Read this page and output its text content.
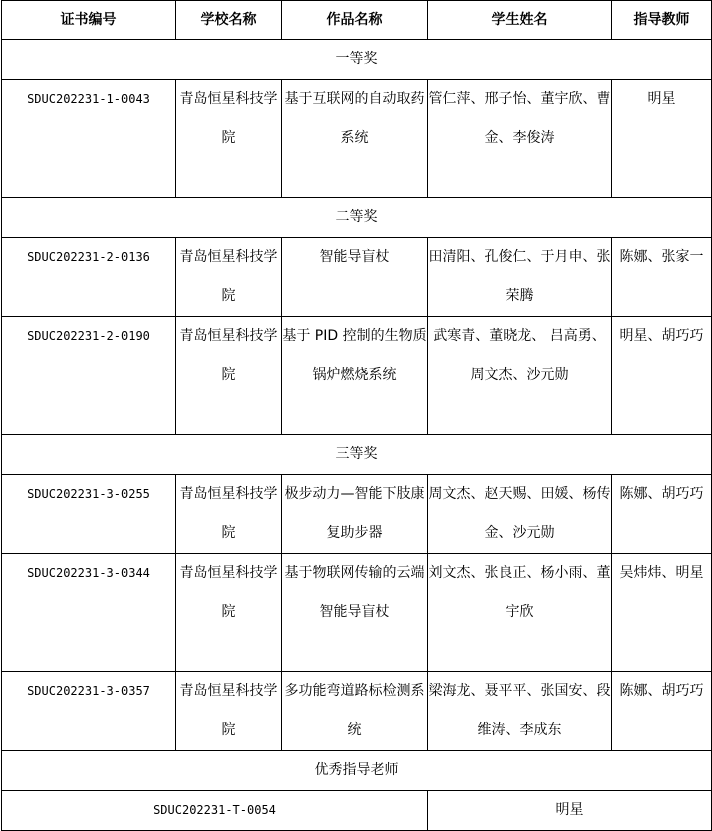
证书编号	学校名称	作品名称	学生姓名	指导教师
一等奖				
SDUC202231-1-0043	青岛恒星科技学院	基于互联网的自动取药系统	管仁萍、邢子怡、董宇欣、曹金、李俊涛	明星
二等奖				
SDUC202231-2-0136	青岛恒星科技学院	智能导盲杖	田清阳、孔俊仁、于月申、张荣腾	陈娜、张家一
SDUC202231-2-0190	青岛恒星科技学院	基于 PID 控制的生物质锅炉燃烧系统	武寒青、董晓龙、 吕高勇、周文杰、沙元勋	明星、胡巧巧
三等奖				
SDUC202231-3-0255	青岛恒星科技学院	极步动力—智能下肢康复助步器	周文杰、赵天赐、田媛、杨传金、沙元勋	陈娜、胡巧巧
SDUC202231-3-0344	青岛恒星科技学院	基于物联网传输的云端智能导盲杖	刘文杰、张良正、杨小雨、董宇欣	吴炜炜、明星
SDUC202231-3-0357	青岛恒星科技学院	多功能弯道路标检测系统	梁海龙、聂平平、张国安、段维涛、李成东	陈娜、胡巧巧
优秀指导老师				
SDUC202231-T-0054			明星	
